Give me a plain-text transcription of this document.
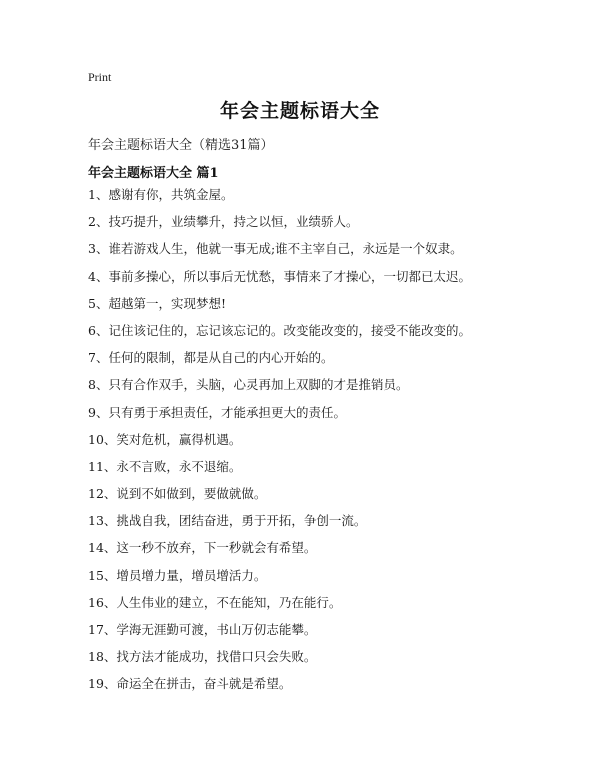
Print
年会主题标语大全
年会主题标语大全（精选31篇）
年会主题标语大全 篇1
1、感谢有你，共筑金屋。
2、技巧提升，业绩攀升，持之以恒，业绩骄人。
3、谁若游戏人生，他就一事无成;谁不主宰自己，永远是一个奴隶。
4、事前多操心，所以事后无忧愁，事情来了才操心，一切都已太迟。
5、超越第一，实现梦想!
6、记住该记住的，忘记该忘记的。改变能改变的，接受不能改变的。
7、任何的限制，都是从自己的内心开始的。
8、只有合作双手，头脑，心灵再加上双脚的才是推销员。
9、只有勇于承担责任，才能承担更大的责任。
10、笑对危机，赢得机遇。
11、永不言败，永不退缩。
12、说到不如做到，要做就做。
13、挑战自我，团结奋进，勇于开拓，争创一流。
14、这一秒不放弃，下一秒就会有希望。
15、增员增力量，增员增活力。
16、人生伟业的建立，不在能知，乃在能行。
17、学海无涯勤可渡，书山万仞志能攀。
18、找方法才能成功，找借口只会失败。
19、命运全在拼击，奋斗就是希望。
